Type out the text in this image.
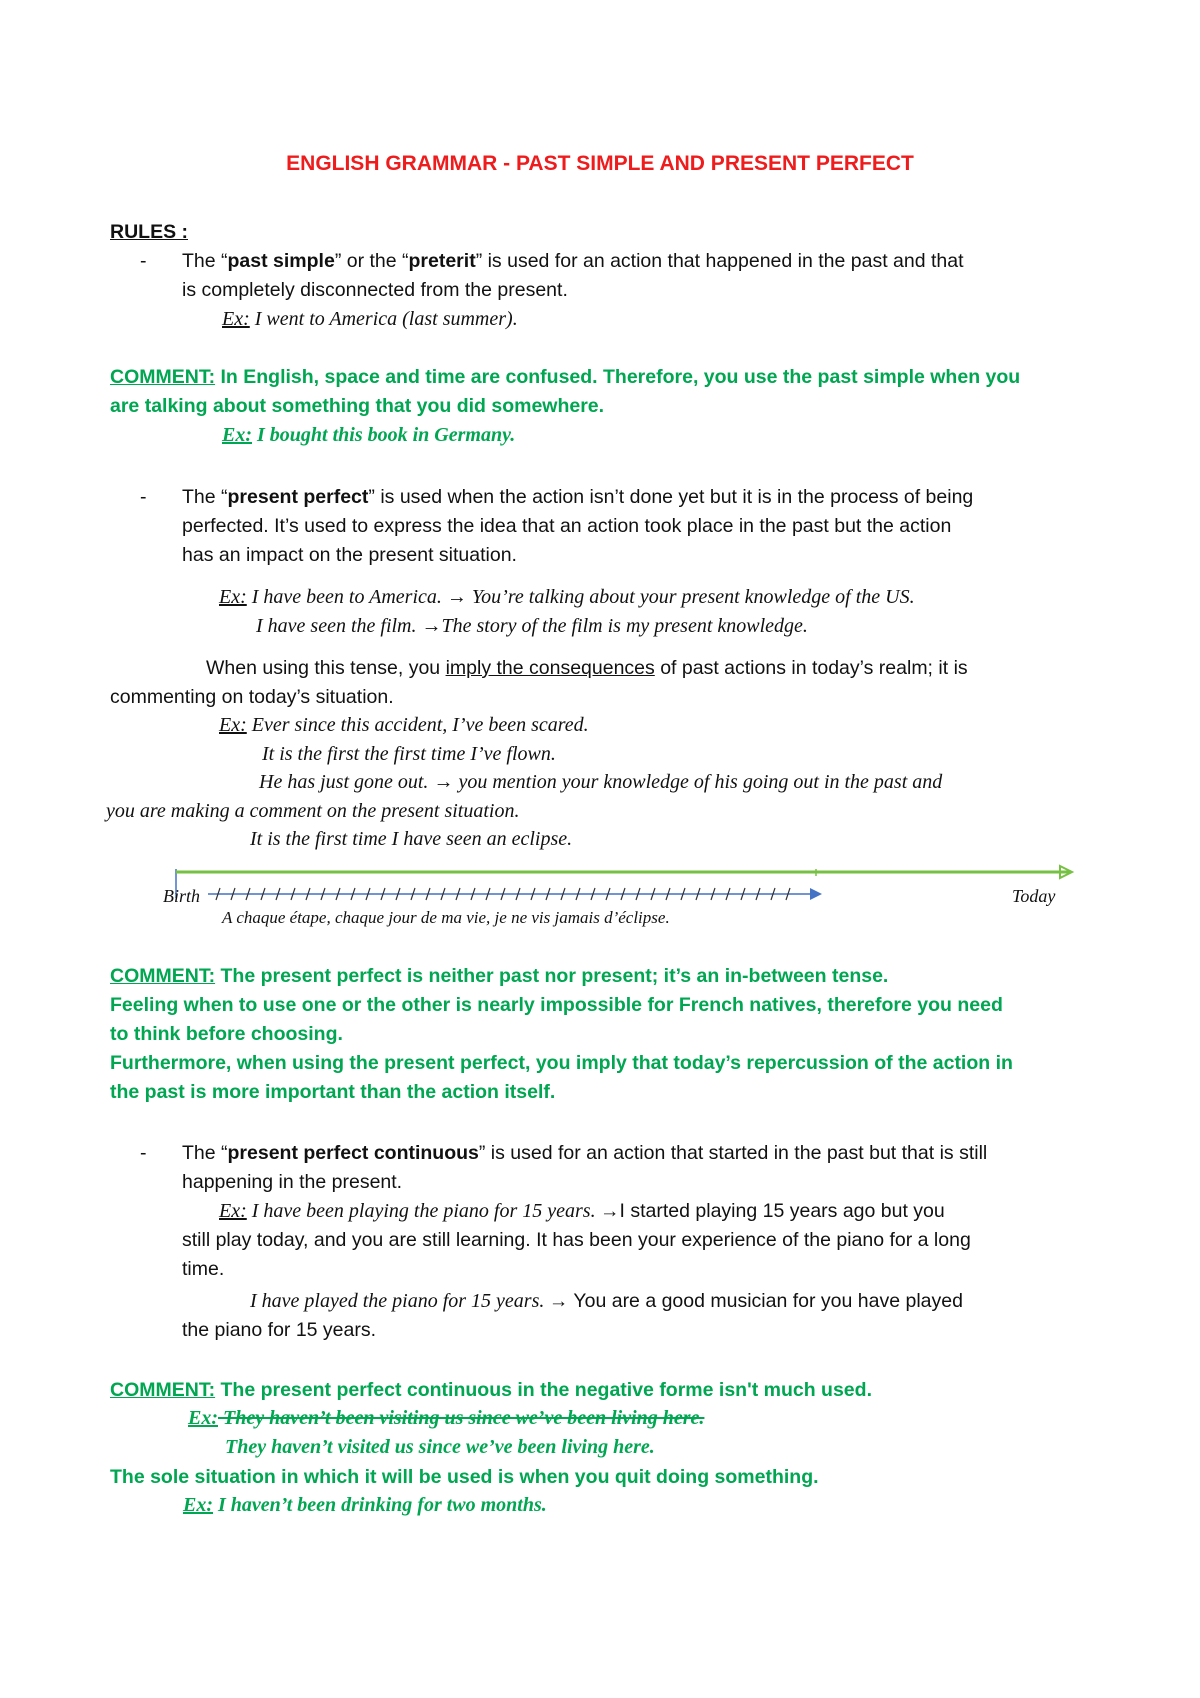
ENGLISH GRAMMAR - PAST SIMPLE AND PRESENT PERFECT
RULES :
- The “past simple” or the “preterit” is used for an action that happened in the past and that
is completely disconnected from the present.
Ex: I went to America (last summer).
COMMENT: In English, space and time are confused. Therefore, you use the past simple when you
are talking about something that you did somewhere.
Ex: I bought this book in Germany.
- The “present perfect” is used when the action isn’t done yet but it is in the process of being
perfected. It’s used to express the idea that an action took place in the past but the action
has an impact on the present situation.
Ex: I have been to America. → You’re talking about your present knowledge of the US.
I have seen the film. →The story of the film is my present knowledge.
When using this tense, you imply the consequences of past actions in today’s realm; it is
commenting on today’s situation.
Ex: Ever since this accident, I’ve been scared.
It is the first the first time I’ve flown.
He has just gone out. → you mention your knowledge of his going out in the past and
you are making a comment on the present situation.
It is the first time I have seen an eclipse.
Birth	Today
A chaque étape, chaque jour de ma vie, je ne vis jamais d’éclipse.
COMMENT: The present perfect is neither past nor present; it’s an in-between tense.
Feeling when to use one or the other is nearly impossible for French natives, therefore you need
to think before choosing.
Furthermore, when using the present perfect, you imply that today’s repercussion of the action in
the past is more important than the action itself.
- The “present perfect continuous” is used for an action that started in the past but that is still
happening in the present.
Ex: I have been playing the piano for 15 years. →I started playing 15 years ago but you
still play today, and you are still learning. It has been your experience of the piano for a long
time.
I have played the piano for 15 years. → You are a good musician for you have played
the piano for 15 years.
COMMENT: The present perfect continuous in the negative forme isn't much used.
Ex: They haven’t been visiting us since we’ve been living here.
They haven’t visited us since we’ve been living here.
The sole situation in which it will be used is when you quit doing something.
Ex: I haven’t been drinking for two months.
